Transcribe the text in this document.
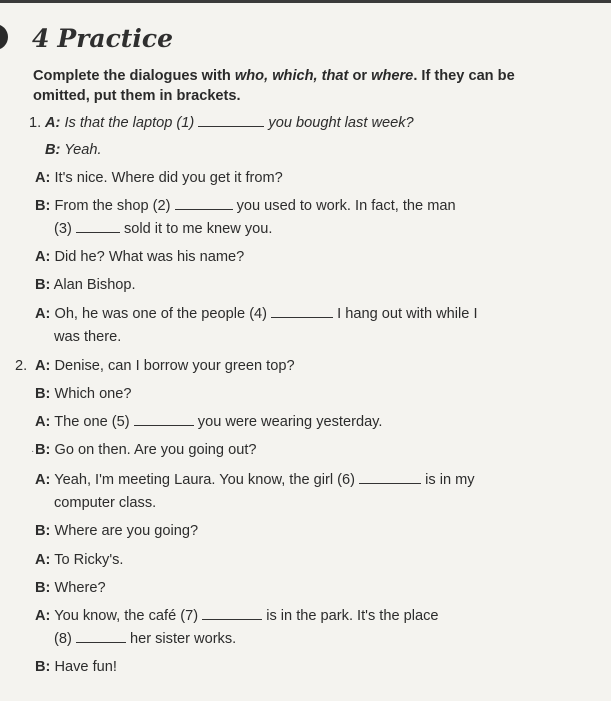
4 Practice
Complete the dialogues with who, which, that or where. If they can be omitted, put them in brackets.
1. A: Is that the laptop (1)	you bought last week?
B: Yeah.
A: It's nice. Where did you get it from?
B: From the shop (2)	you used to work. In fact, the man
(3)	sold it to me knew you.
A: Did he? What was his name?
B: Alan Bishop.
A: Oh, he was one of the people (4)	I hang out with while I
was there.
2. A: Denise, can I borrow your green top?
B: Which one?
A: The one (5)	you were wearing yesterday.
· B: Go on then. Are you going out?
A: Yeah, I'm meeting Laura. You know, the girl (6)	is in my
computer class.
B: Where are you going?
A: To Ricky's.
B: Where?
A: You know, the café (7)	is in the park. It's the place
(8)	her sister works.
B: Have fun!
